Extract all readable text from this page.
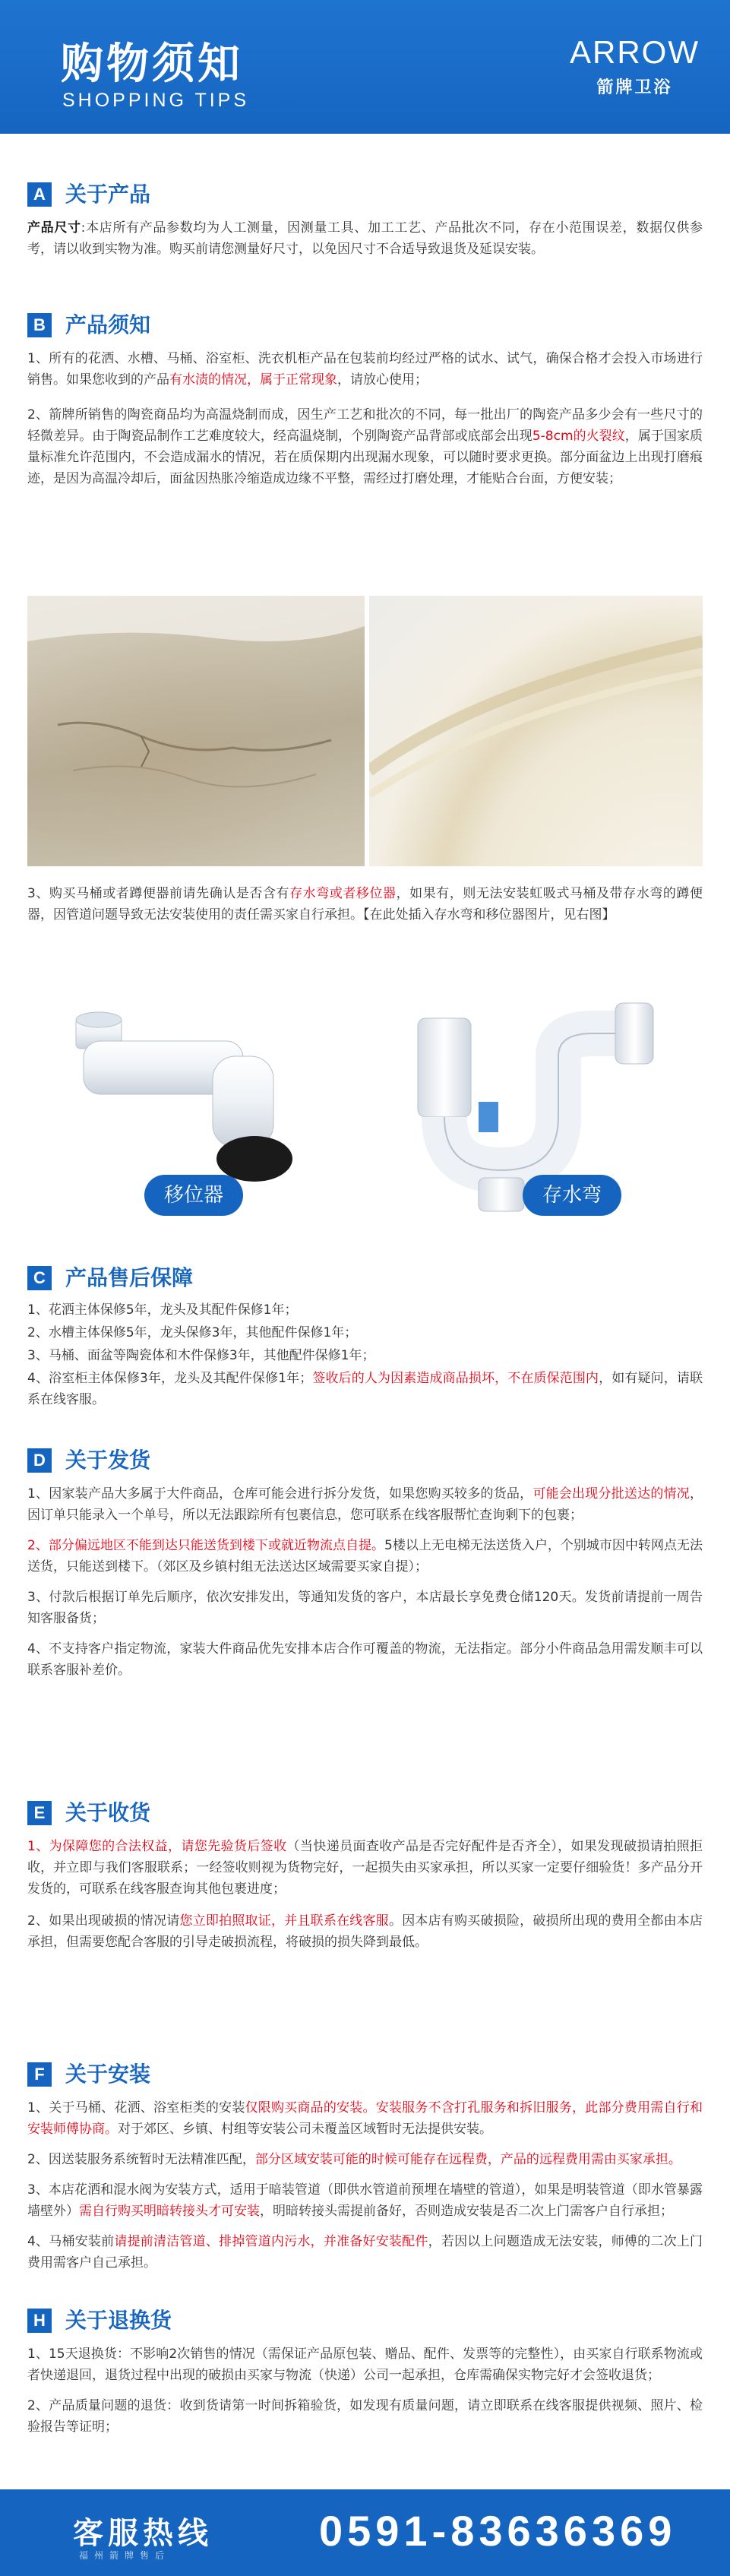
购物须知
SHOPPING TIPS
ARROW
箭牌卫浴
A 关于产品

产品尺寸:本店所有产品参数均为人工测量，因测量工具、加工工艺、产品批次不同，存在小范围误差，数据仅供参考，请以收到实物为准。购买前请您测量好尺寸，以免因尺寸不合适导致退货及延误安装。

B 产品须知

1、所有的花洒、水槽、马桶、浴室柜、洗衣机柜产品在包装前均经过严格的试水、试气，确保合格才会投入市场进行销售。如果您收到的产品有水渍的情况，属于正常现象，请放心使用；

2、箭牌所销售的陶瓷商品均为高温烧制而成，因生产工艺和批次的不同，每一批出厂的陶瓷产品多少会有一些尺寸的轻微差异。由于陶瓷品制作工艺难度较大，经高温烧制，个别陶瓷产品背部或底部会出现5-8cm的火裂纹，属于国家质量标准允许范围内，不会造成漏水的情况，若在质保期内出现漏水现象，可以随时要求更换。部分面盆边上出现打磨痕迹，是因为高温冷却后，面盆因热胀冷缩造成边缘不平整，需经过打磨处理，才能贴合台面，方便安装；

3、购买马桶或者蹲便器前请先确认是否含有存水弯或者移位器，如果有，则无法安装虹吸式马桶及带存水弯的蹲便器，因管道问题导致无法安装使用的责任需买家自行承担。【在此处插入存水弯和移位器图片，见右图】

移位器	存水弯
C 产品售后保障

1、花洒主体保修5年，龙头及其配件保修1年；

2、水槽主体保修5年，龙头保修3年，其他配件保修1年；

3、马桶、面盆等陶瓷体和木件保修3年，其他配件保修1年；

4、浴室柜主体保修3年，龙头及其配件保修1年；签收后的人为因素造成商品损坏，不在质保范围内，如有疑问，请联系在线客服。

D 关于发货

1、因家装产品大多属于大件商品，仓库可能会进行拆分发货，如果您购买较多的货品，可能会出现分批送达的情况，因订单只能录入一个单号，所以无法跟踪所有包裹信息，您可联系在线客服帮忙查询剩下的包裹；

2、部分偏远地区不能到达只能送货到楼下或就近物流点自提。5楼以上无电梯无法送货入户，个别城市因中转网点无法送货，只能送到楼下。（郊区及乡镇村组无法送达区域需要买家自提）；

3、付款后根据订单先后顺序，依次安排发出，等通知发货的客户，本店最长享免费仓储120天。发货前请提前一周告知客服备货；

4、不支持客户指定物流，家装大件商品优先安排本店合作可覆盖的物流，无法指定。部分小件商品急用需发顺丰可以联系客服补差价。

E 关于收货

1、为保障您的合法权益，请您先验货后签收（当快递员面查收产品是否完好配件是否齐全），如果发现破损请拍照拒收，并立即与我们客服联系；一经签收则视为货物完好，一起损失由买家承担，所以买家一定要仔细验货！多产品分开发货的，可联系在线客服查询其他包裹进度；

2、如果出现破损的情况请您立即拍照取证，并且联系在线客服。因本店有购买破损险，破损所出现的费用全都由本店承担，但需要您配合客服的引导走破损流程，将破损的损失降到最低。

F 关于安装

1、关于马桶、花洒、浴室柜类的安装仅限购买商品的安装。安装服务不含打孔服务和拆旧服务，此部分费用需自行和安装师傅协商。对于郊区、乡镇、村组等安装公司未覆盖区域暂时无法提供安装。

2、因送装服务系统暂时无法精准匹配，部分区域安装可能的时候可能存在远程费，产品的远程费用需由买家承担。

3、本店花洒和混水阀为安装方式，适用于暗装管道（即供水管道前预埋在墙壁的管道），如果是明装管道（即水管暴露墙壁外）需自行购买明暗转接头才可安装，明暗转接头需提前备好，否则造成安装是否二次上门需客户自行承担；

4、马桶安装前请提前清洁管道、排掉管道内污水，并准备好安装配件，若因以上问题造成无法安装，师傅的二次上门费用需客户自己承担。

H 关于退换货

1、15天退换货：不影响2次销售的情况（需保证产品原包装、赠品、配件、发票等的完整性），由买家自行联系物流或者快递退回，退货过程中出现的破损由买家与物流（快递）公司一起承担，仓库需确保实物完好才会签收退货；

2、产品质量问题的退货：收到货请第一时间拆箱验货，如发现有质量问题，请立即联系在线客服提供视频、照片、检验报告等证明；

客服热线
福州箭牌售后
0591-83636369
